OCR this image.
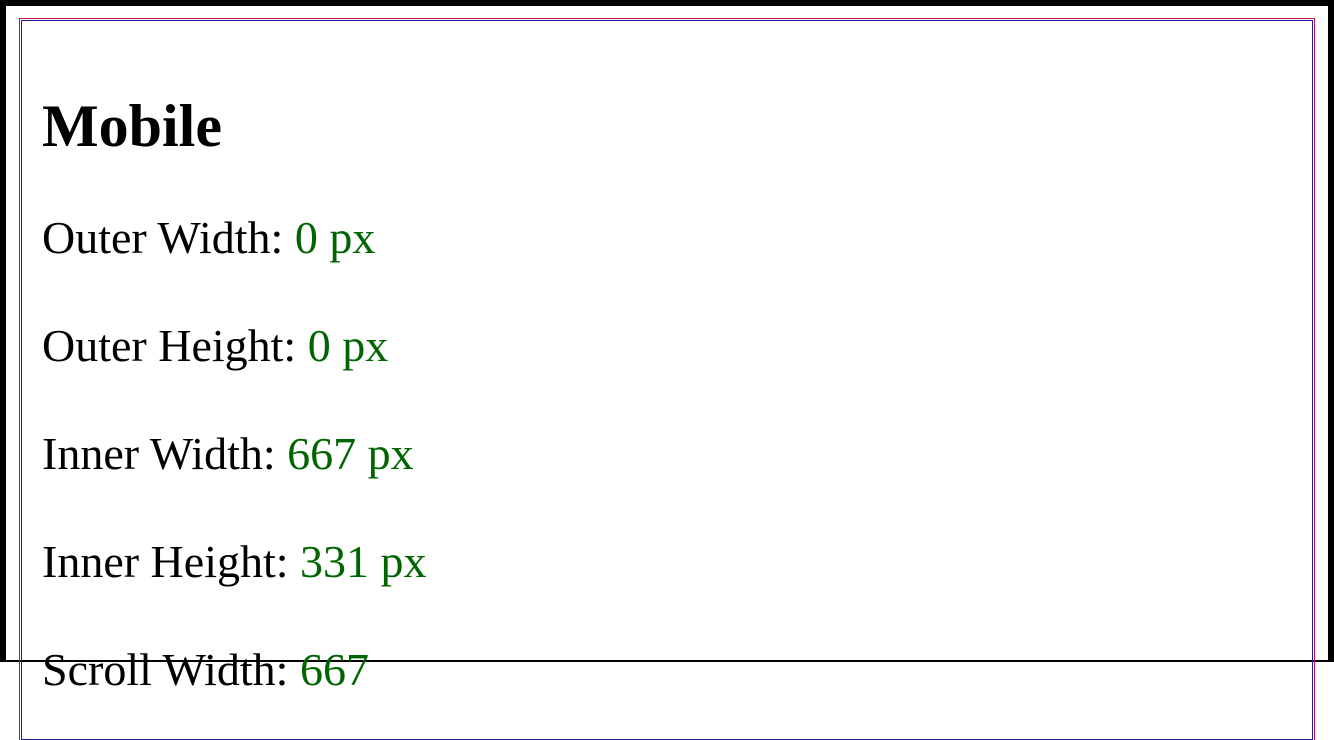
Mobile

Outer Width: 0 px

Outer Height: 0 px

Inner Width: 667 px

Inner Height: 331 px

Scroll Width: 667
